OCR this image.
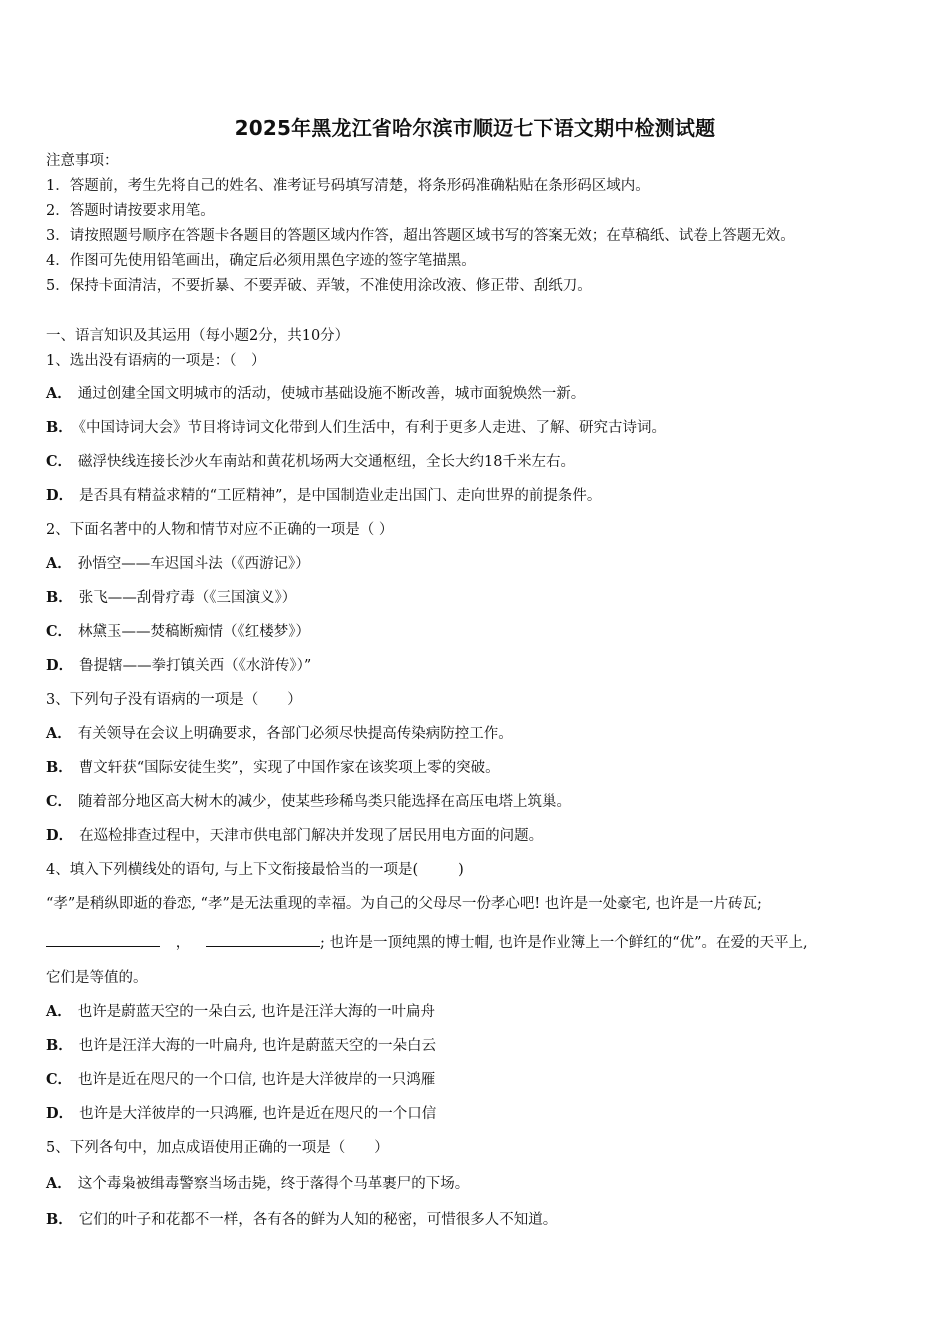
2025年黑龙江省哈尔滨市顺迈七下语文期中检测试题
注意事项：
1．答题前，考生先将自己的姓名、准考证号码填写清楚，将条形码准确粘贴在条形码区域内。
2．答题时请按要求用笔。
3．请按照题号顺序在答题卡各题目的答题区域内作答，超出答题区域书写的答案无效；在草稿纸、试卷上答题无效。
4．作图可先使用铅笔画出，确定后必须用黑色字迹的签字笔描黑。
5．保持卡面清洁，不要折暴、不要弄破、弄皱，不准使用涂改液、修正带、刮纸刀。
一、语言知识及其运用（每小题2分，共10分）
1、选出没有语病的一项是：（　）
A． 通过创建全国文明城市的活动，使城市基础设施不断改善，城市面貌焕然一新。
B． 《中国诗词大会》节目将诗词文化带到人们生活中，有利于更多人走进、了解、研究古诗词。
C． 磁浮快线连接长沙火车南站和黄花机场两大交通枢纽，全长大约18千米左右。
D． 是否具有精益求精的“工匠精神”，是中国制造业走出国门、走向世界的前提条件。
2、下面名著中的人物和情节对应不正确的一项是（ ）
A． 孙悟空——车迟国斗法（《西游记》）
B． 张飞——刮骨疗毒（《三国演义》）
C． 林黛玉——焚稿断痴情（《红楼梦》）
D． 鲁提辖——拳打镇关西（《水浒传》）”
3、下列句子没有语病的一项是（　　）
A． 有关领导在会议上明确要求，各部门必须尽快提高传染病防控工作。
B． 曹文轩获“国际安徒生奖”，实现了中国作家在该奖项上零的突破。
C． 随着部分地区高大树木的减少，使某些珍稀鸟类只能选择在高压电塔上筑巢。
D． 在巡检排查过程中，天津市供电部门解决并发现了居民用电方面的问题。
4、填入下列横线处的语句, 与上下文衔接最恰当的一项是(	)
“孝”是稍纵即逝的眷恋, “孝”是无法重现的幸福。为自己的父母尽一份孝心吧! 也许是一处豪宅, 也许是一片砖瓦;
，	; 也许是一顶纯黑的博士帽, 也许是作业簿上一个鲜红的“优”。在爱的天平上,
它们是等值的。
A． 也许是蔚蓝天空的一朵白云, 也许是汪洋大海的一叶扁舟
B． 也许是汪洋大海的一叶扁舟, 也许是蔚蓝天空的一朵白云
C． 也许是近在咫尺的一个口信, 也许是大洋彼岸的一只鸿雁
D． 也许是大洋彼岸的一只鸿雁, 也许是近在咫尺的一个口信
5、下列各句中，加点成语使用正确的一项是（　　）
A． 这个毒枭被缉毒警察当场击毙，终于落得个马革裹尸的下场。
B． 它们的叶子和花都不一样，各有各的鲜为人知的秘密，可惜很多人不知道。
